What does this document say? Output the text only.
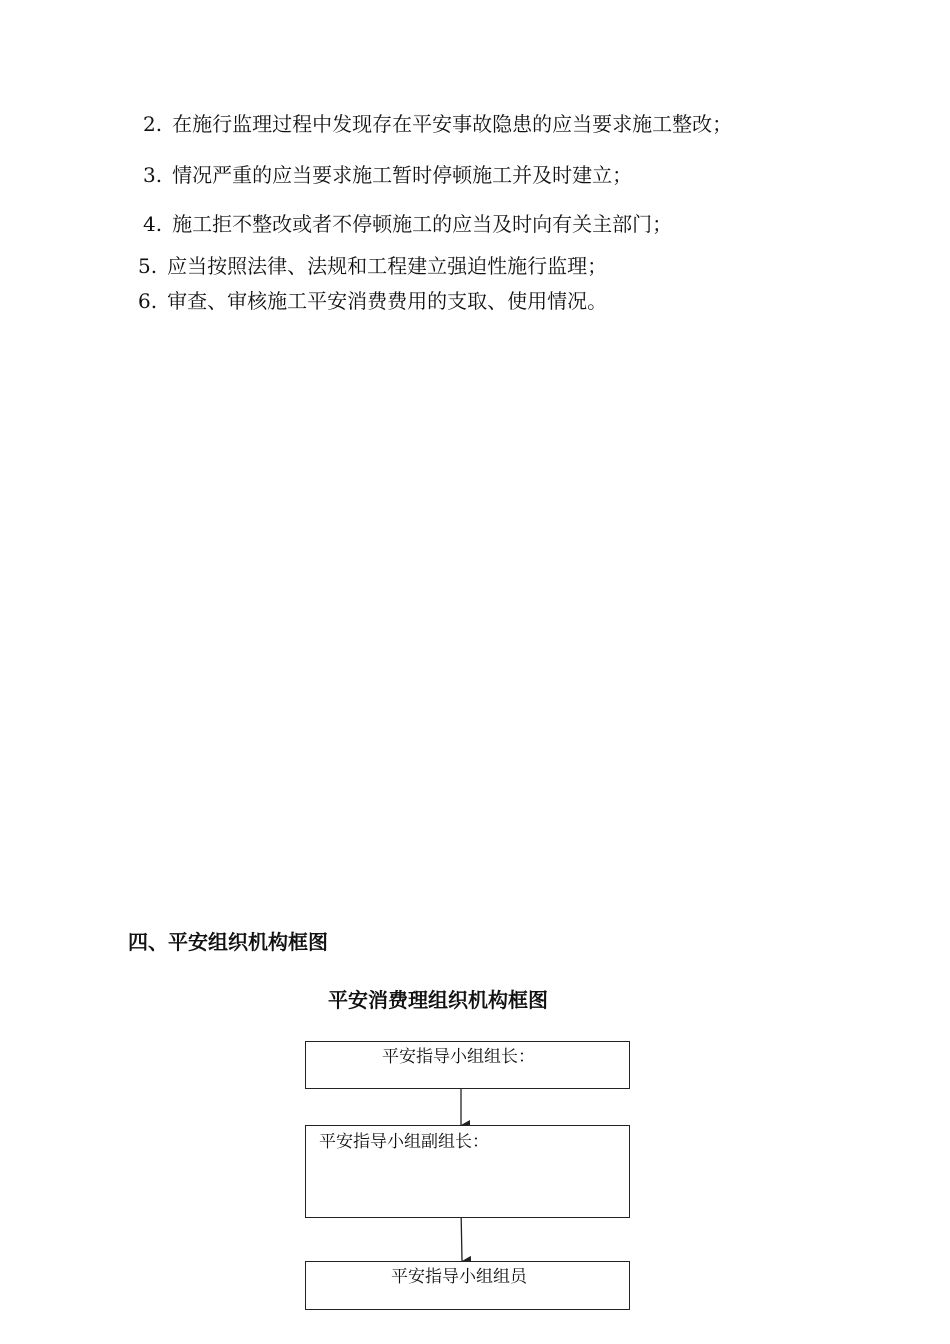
2. 在施行监理过程中发现存在平安事故隐患的应当要求施工整改；
3. 情况严重的应当要求施工暂时停顿施工并及时建立；
4. 施工拒不整改或者不停顿施工的应当及时向有关主部门；
5. 应当按照法律、法规和工程建立强迫性施行监理；
6. 审查、审核施工平安消费费用的支取、使用情况。
四、平安组织机构框图
平安消费理组织机构框图
平安指导小组组长：
平安指导小组副组长：
平安指导小组组员
